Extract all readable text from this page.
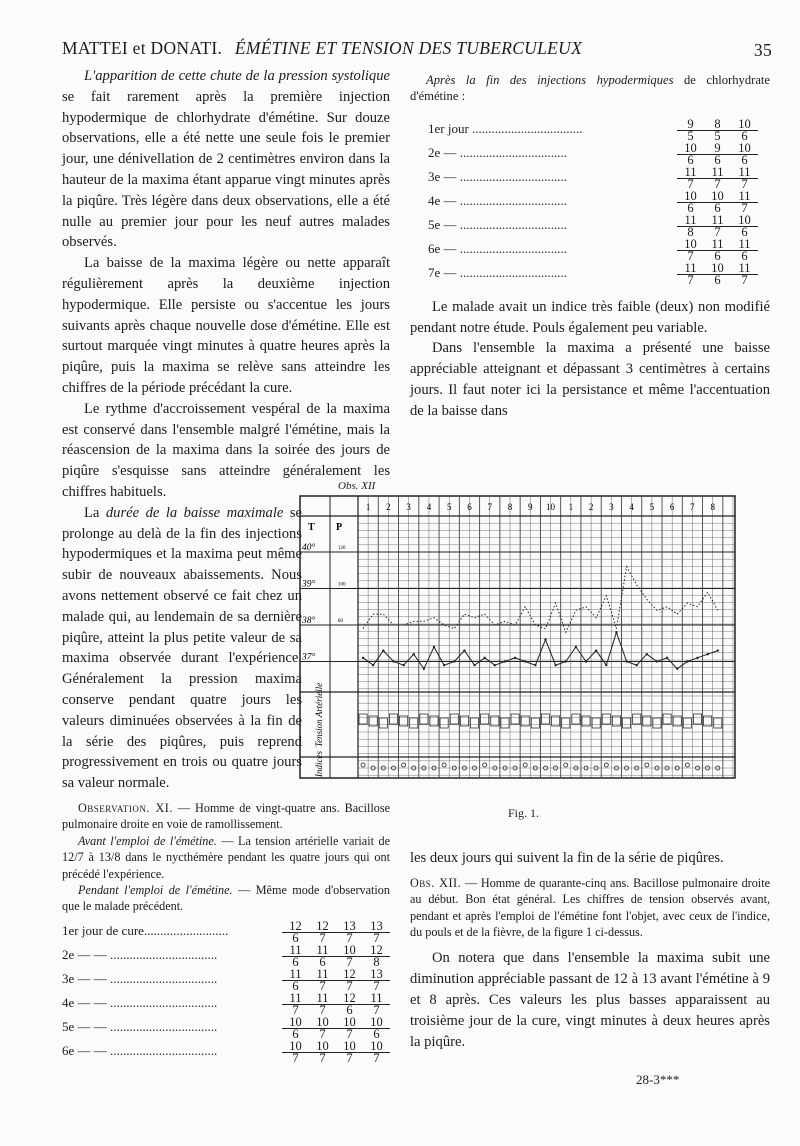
MATTEI et DONATI. ÉMÉTINE ET TENSION DES TUBERCULEUX	35

L'apparition de cette chute de la pression systolique se fait rarement après la première injection hypodermique de chlorhydrate d'émétine. Sur douze observations, elle a été nette une seule fois le premier jour, une dénivellation de 2 centimètres environ dans la hauteur de la maxima étant apparue vingt minutes après la piqûre. Très légère dans deux observations, elle a été nulle au premier jour pour les neuf autres malades observés.

La baisse de la maxima légère ou nette apparaît régulièrement après la deuxième injection hypodermique. Elle persiste ou s'accentue les jours suivants après chaque nouvelle dose d'émétine. Elle est surtout marquée vingt minutes à quatre heures après la piqûre, puis la maxima se relève sans atteindre les chiffres de la période précédant la cure.

Le rythme d'accroissement vespéral de la maxima est conservé dans l'ensemble malgré l'émétine, mais la réascension de la maxima dans la soirée des jours de piqûre s'esquisse sans atteindre généralement les chiffres habituels.

La durée de la baisse maximale se prolonge au delà de la fin des injections hypodermiques et la maxima peut même subir de nouveaux abaissements. Nous avons nettement observé ce fait chez un malade qui, au lendemain de sa dernière piqûre, atteint la plus petite valeur de sa maxima observée durant l'expérience. Généralement la pression maxima conserve pendant quatre jours les valeurs diminuées observées à la fin de la série des piqûres, puis reprend progressivement en trois ou quatre jours sa valeur normale.

Observation. XI. — Homme de vingt-quatre ans. Bacillose pulmonaire droite en voie de ramollissement.

Avant l'emploi de l'émétine. — La tension artérielle variait de 12/7 à 13/8 dans le nycthémère pendant les quatre jours qui ont précédé l'expérience.

Pendant l'emploi de l'émétine. — Même mode d'observation que le malade précédent.

1er jour de cure..........................	$\frac{12}{6} \frac{12}{7} \frac{13}{7} \frac{13}{7}$
2e — — .................................	$\frac{11}{6} \frac{11}{6} \frac{10}{7} \frac{12}{8}$
3e — — .................................	$\frac{11}{6} \frac{11}{7} \frac{12}{7} \frac{13}{7}$
4e — — .................................	$\frac{11}{7} \frac{11}{7} \frac{12}{6} \frac{11}{7}$
5e — — .................................	$\frac{10}{6} \frac{10}{7} \frac{10}{7} \frac{10}{6}$
6e — — .................................	$\frac{10}{7} \frac{10}{7} \frac{10}{7} \frac{10}{7}$

Après la fin des injections hypodermiques de chlorhydrate d'émétine :

1er jour ..................................	$\frac{9}{5} \frac{8}{5} \frac{10}{6}$
2e — .................................	$\frac{10}{6} \frac{9}{6} \frac{10}{6}$
3e — .................................	$\frac{11}{7} \frac{11}{7} \frac{11}{7}$
4e — .................................	$\frac{10}{6} \frac{10}{6} \frac{11}{7}$
5e — .................................	$\frac{11}{8} \frac{11}{7} \frac{10}{6}$
6e — .................................	$\frac{10}{7} \frac{11}{6} \frac{11}{6}$
7e — .................................	$\frac{11}{7} \frac{10}{6} \frac{11}{7}$

Le malade avait un indice très faible (deux) non modifié pendant notre étude. Pouls également peu variable.

Dans l'ensemble la maxima a présenté une baisse appréciable atteignant et dépassant 3 centimètres à certains jours. Il faut noter ici la persistance et même l'accentuation de la baisse dans

Obs. XII
1 2 3 4 5 6 7 8 9 10 1 2 3 4 5 6 7 8
T P
40°
39°
38°
37°
120
100
80
Tension Artérielle
Indices
Fig. 1.

les deux jours qui suivent la fin de la série de piqûres.

Obs. XII. — Homme de quarante-cinq ans. Bacillose pulmonaire droite au début. Bon état général. Les chiffres de tension observés avant, pendant et après l'emploi de l'émétine font l'objet, avec ceux de l'indice, du pouls et de la fièvre, de la figure 1 ci-dessus.

On notera que dans l'ensemble la maxima subit une diminution appréciable passant de 12 à 13 avant l'émétine à 9 et 8 après. Ces valeurs les plus basses apparaissent au troisième jour de la cure, vingt minutes à deux heures après la piqûre.

28-3***
